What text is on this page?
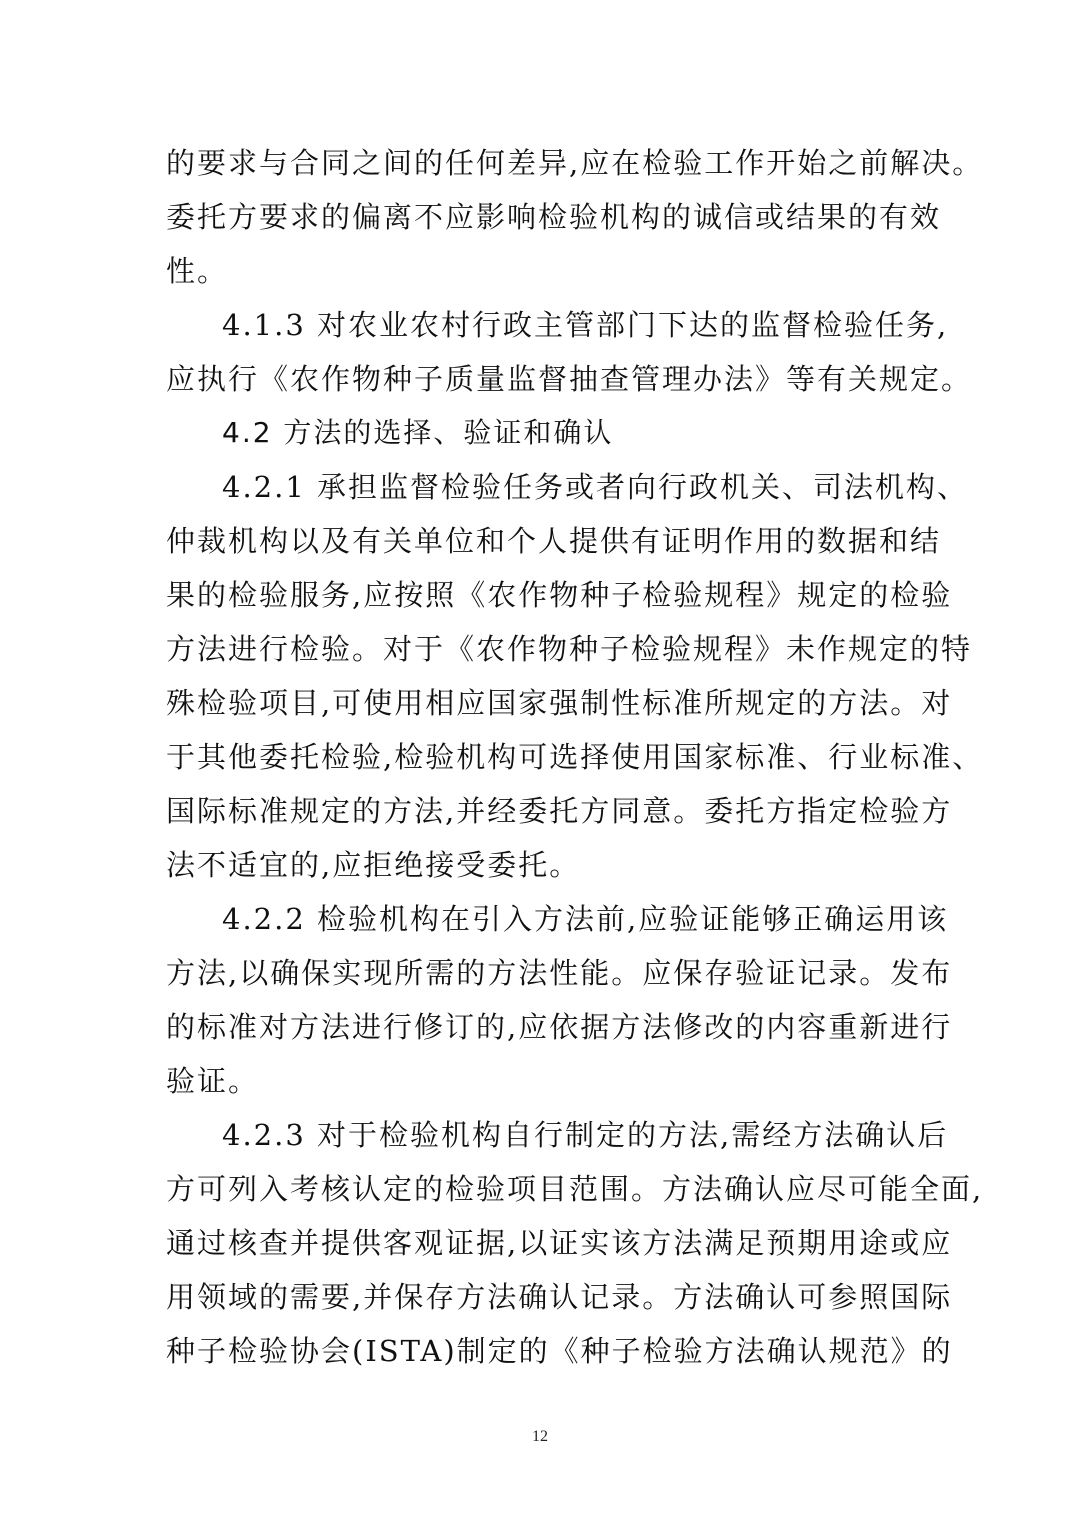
的要求与合同之间的任何差异,应在检验工作开始之前解决。
委托方要求的偏离不应影响检验机构的诚信或结果的有效
性。
4.1.3 对农业农村行政主管部门下达的监督检验任务,
应执行《农作物种子质量监督抽查管理办法》等有关规定。
4.2 方法的选择、验证和确认
4.2.1 承担监督检验任务或者向行政机关、司法机构、
仲裁机构以及有关单位和个人提供有证明作用的数据和结
果的检验服务,应按照《农作物种子检验规程》规定的检验
方法进行检验。对于《农作物种子检验规程》未作规定的特
殊检验项目,可使用相应国家强制性标准所规定的方法。对
于其他委托检验,检验机构可选择使用国家标准、行业标准、
国际标准规定的方法,并经委托方同意。委托方指定检验方
法不适宜的,应拒绝接受委托。
4.2.2 检验机构在引入方法前,应验证能够正确运用该
方法,以确保实现所需的方法性能。应保存验证记录。发布
的标准对方法进行修订的,应依据方法修改的内容重新进行
验证。
4.2.3 对于检验机构自行制定的方法,需经方法确认后
方可列入考核认定的检验项目范围。方法确认应尽可能全面,
通过核查并提供客观证据,以证实该方法满足预期用途或应
用领域的需要,并保存方法确认记录。方法确认可参照国际
种子检验协会(ISTA)制定的《种子检验方法确认规范》的
12
